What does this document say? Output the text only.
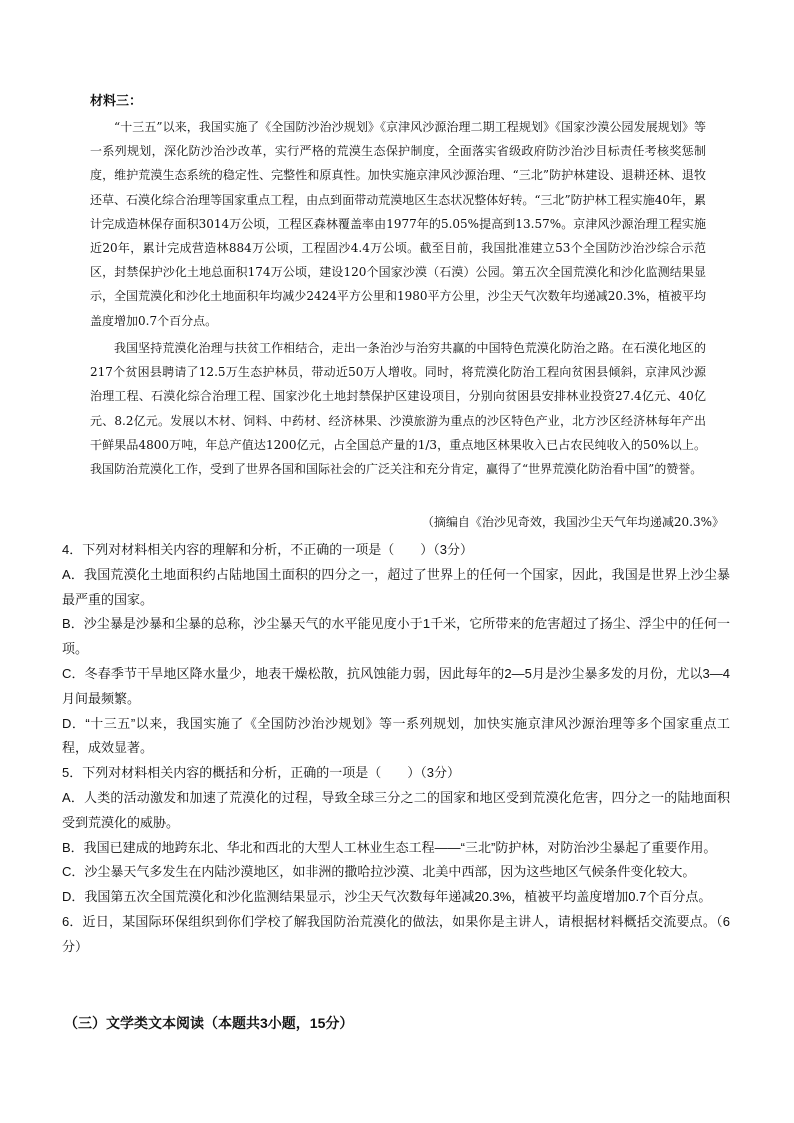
材料三：

“十三五”以来，我国实施了《全国防沙治沙规划》《京津风沙源治理二期工程规划》《国家沙漠公园发展规划》等一系列规划，深化防沙治沙改革，实行严格的荒漠生态保护制度，全面落实省级政府防沙治沙目标责任考核奖惩制度，维护荒漠生态系统的稳定性、完整性和原真性。加快实施京津风沙源治理、“三北”防护林建设、退耕还林、退牧还草、石漠化综合治理等国家重点工程，由点到面带动荒漠地区生态状况整体好转。“三北”防护林工程实施40年，累计完成造林保存面积3014万公顷，工程区森林覆盖率由1977年的5.05%提高到13.57%。京津风沙源治理工程实施近20年，累计完成营造林884万公顷，工程固沙4.4万公顷。截至目前，我国批准建立53个全国防沙治沙综合示范区，封禁保护沙化土地总面积174万公顷，建设120个国家沙漠（石漠）公园。第五次全国荒漠化和沙化监测结果显示，全国荒漠化和沙化土地面积年均减少2424平方公里和1980平方公里，沙尘天气次数年均递减20.3%，植被平均盖度增加0.7个百分点。

我国坚持荒漠化治理与扶贫工作相结合，走出一条治沙与治穷共赢的中国特色荒漠化防治之路。在石漠化地区的217个贫困县聘请了12.5万生态护林员，带动近50万人增收。同时，将荒漠化防治工程向贫困县倾斜，京津风沙源治理工程、石漠化综合治理工程、国家沙化土地封禁保护区建设项目，分别向贫困县安排林业投资27.4亿元、40亿元、8.2亿元。发展以木材、饲料、中药材、经济林果、沙漠旅游为重点的沙区特色产业，北方沙区经济林每年产出干鲜果品4800万吨，年总产值达1200亿元，占全国总产量的1/3，重点地区林果收入已占农民纯收入的50%以上。我国防治荒漠化工作，受到了世界各国和国际社会的广泛关注和充分肯定，赢得了“世界荒漠化防治看中国”的赞誉。

（摘编自《治沙见奇效，我国沙尘天气年均递减20.3%》
4．下列对材料相关内容的理解和分析，不正确的一项是（　　）（3分）
A．我国荒漠化土地面积约占陆地国土面积的四分之一，超过了世界上的任何一个国家，因此，我国是世界上沙尘暴最严重的国家。
B．沙尘暴是沙暴和尘暴的总称，沙尘暴天气的水平能见度小于1千米，它所带来的危害超过了扬尘、浮尘中的任何一项。
C．冬春季节干旱地区降水量少，地表干燥松散，抗风蚀能力弱，因此每年的2—5月是沙尘暴多发的月份，尤以3—4月间最频繁。
D．“十三五”以来，我国实施了《全国防沙治沙规划》等一系列规划，加快实施京津风沙源治理等多个国家重点工程，成效显著。
5．下列对材料相关内容的概括和分析，正确的一项是（　　）（3分）
A．人类的活动激发和加速了荒漠化的过程，导致全球三分之二的国家和地区受到荒漠化危害，四分之一的陆地面积受到荒漠化的威胁。
B．我国已建成的地跨东北、华北和西北的大型人工林业生态工程——“三北”防护林，对防治沙尘暴起了重要作用。
C．沙尘暴天气多发生在内陆沙漠地区，如非洲的撒哈拉沙漠、北美中西部，因为这些地区气候条件变化较大。
D．我国第五次全国荒漠化和沙化监测结果显示，沙尘天气次数每年递减20.3%，植被平均盖度增加0.7个百分点。
6．近日，某国际环保组织到你们学校了解我国防治荒漠化的做法，如果你是主讲人，请根据材料概括交流要点。（6分）
（三）文学类文本阅读（本题共3小题，15分）
